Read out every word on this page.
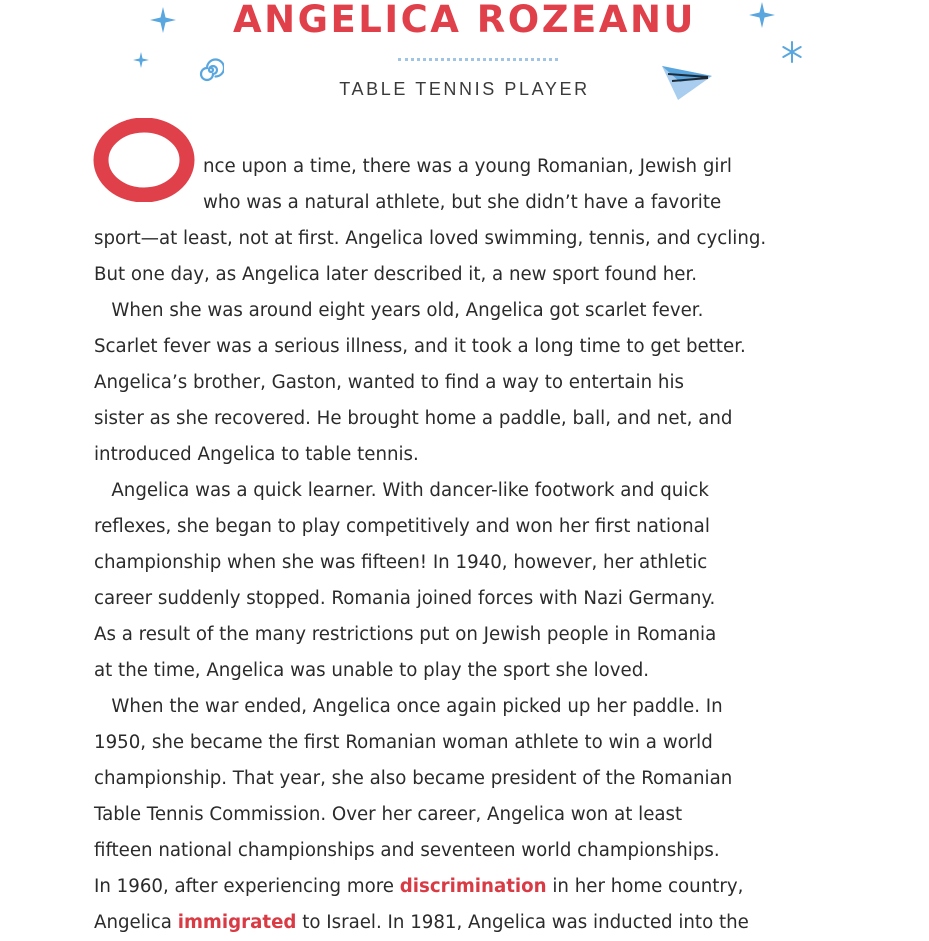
ANGELICA ROZEANU
TABLE TENNIS PLAYER
O
nce upon a time, there was a young Romanian, Jewish girl
who was a natural athlete, but she didn’t have a favorite
sport—at least, not at first. Angelica loved swimming, tennis, and cycling.
But one day, as Angelica later described it, a new sport found her.
When she was around eight years old, Angelica got scarlet fever.
Scarlet fever was a serious illness, and it took a long time to get better.
Angelica’s brother, Gaston, wanted to find a way to entertain his
sister as she recovered. He brought home a paddle, ball, and net, and
introduced Angelica to table tennis.
Angelica was a quick learner. With dancer-like footwork and quick
reflexes, she began to play competitively and won her first national
championship when she was fifteen! In 1940, however, her athletic
career suddenly stopped. Romania joined forces with Nazi Germany.
As a result of the many restrictions put on Jewish people in Romania
at the time, Angelica was unable to play the sport she loved.
When the war ended, Angelica once again picked up her paddle. In
1950, she became the first Romanian woman athlete to win a world
championship. That year, she also became president of the Romanian
Table Tennis Commission. Over her career, Angelica won at least
fifteen national championships and seventeen world championships.
In 1960, after experiencing more discrimination in her home country,
Angelica immigrated to Israel. In 1981, Angelica was inducted into the
